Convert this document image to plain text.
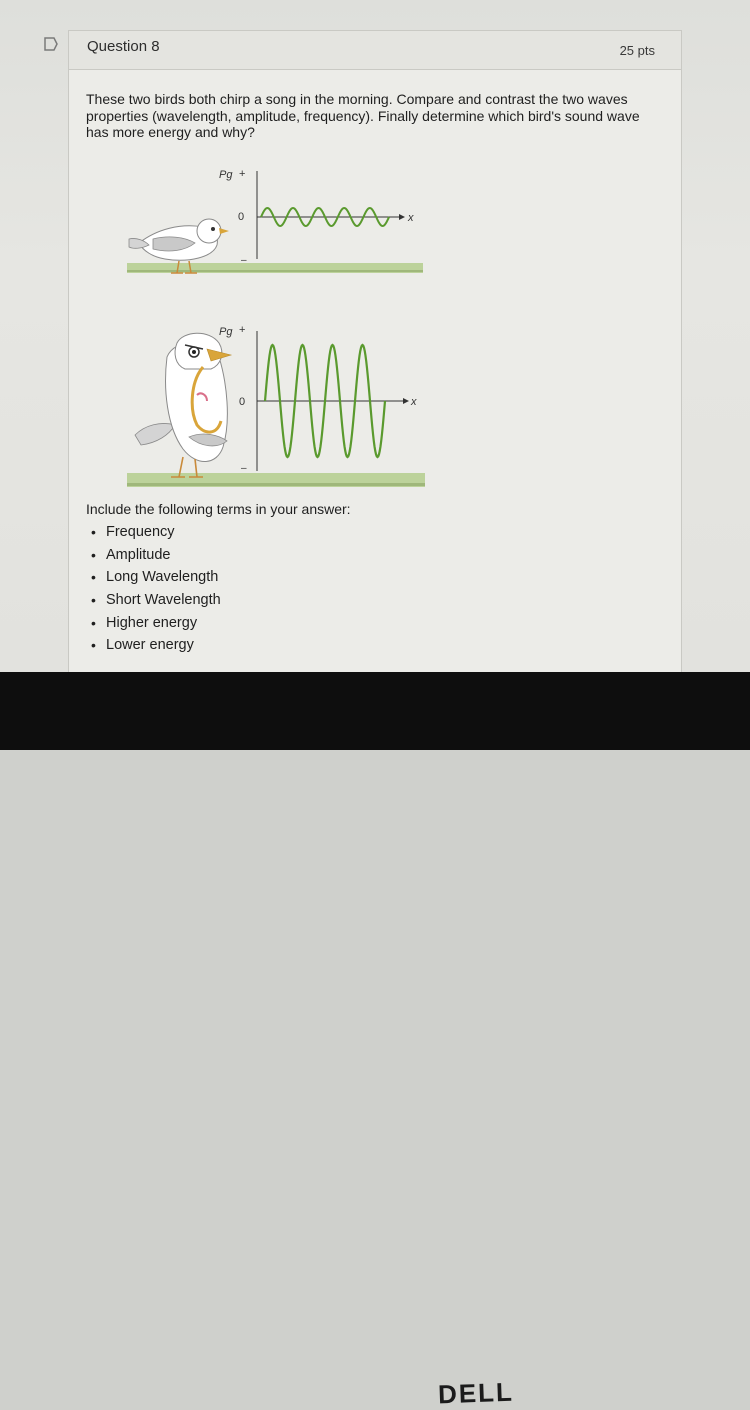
Question 8	25 pts
These two birds both chirp a song in the morning. Compare and contrast the two waves properties (wavelength, amplitude, frequency). Finally determine which bird's sound wave has more energy and why?
Pg +
0	x
–
Pg +
0	x
–
Include the following terms in your answer:
• Frequency
• Amplitude
• Long Wavelength
• Short Wavelength
• Higher energy
• Lower energy
DELL
